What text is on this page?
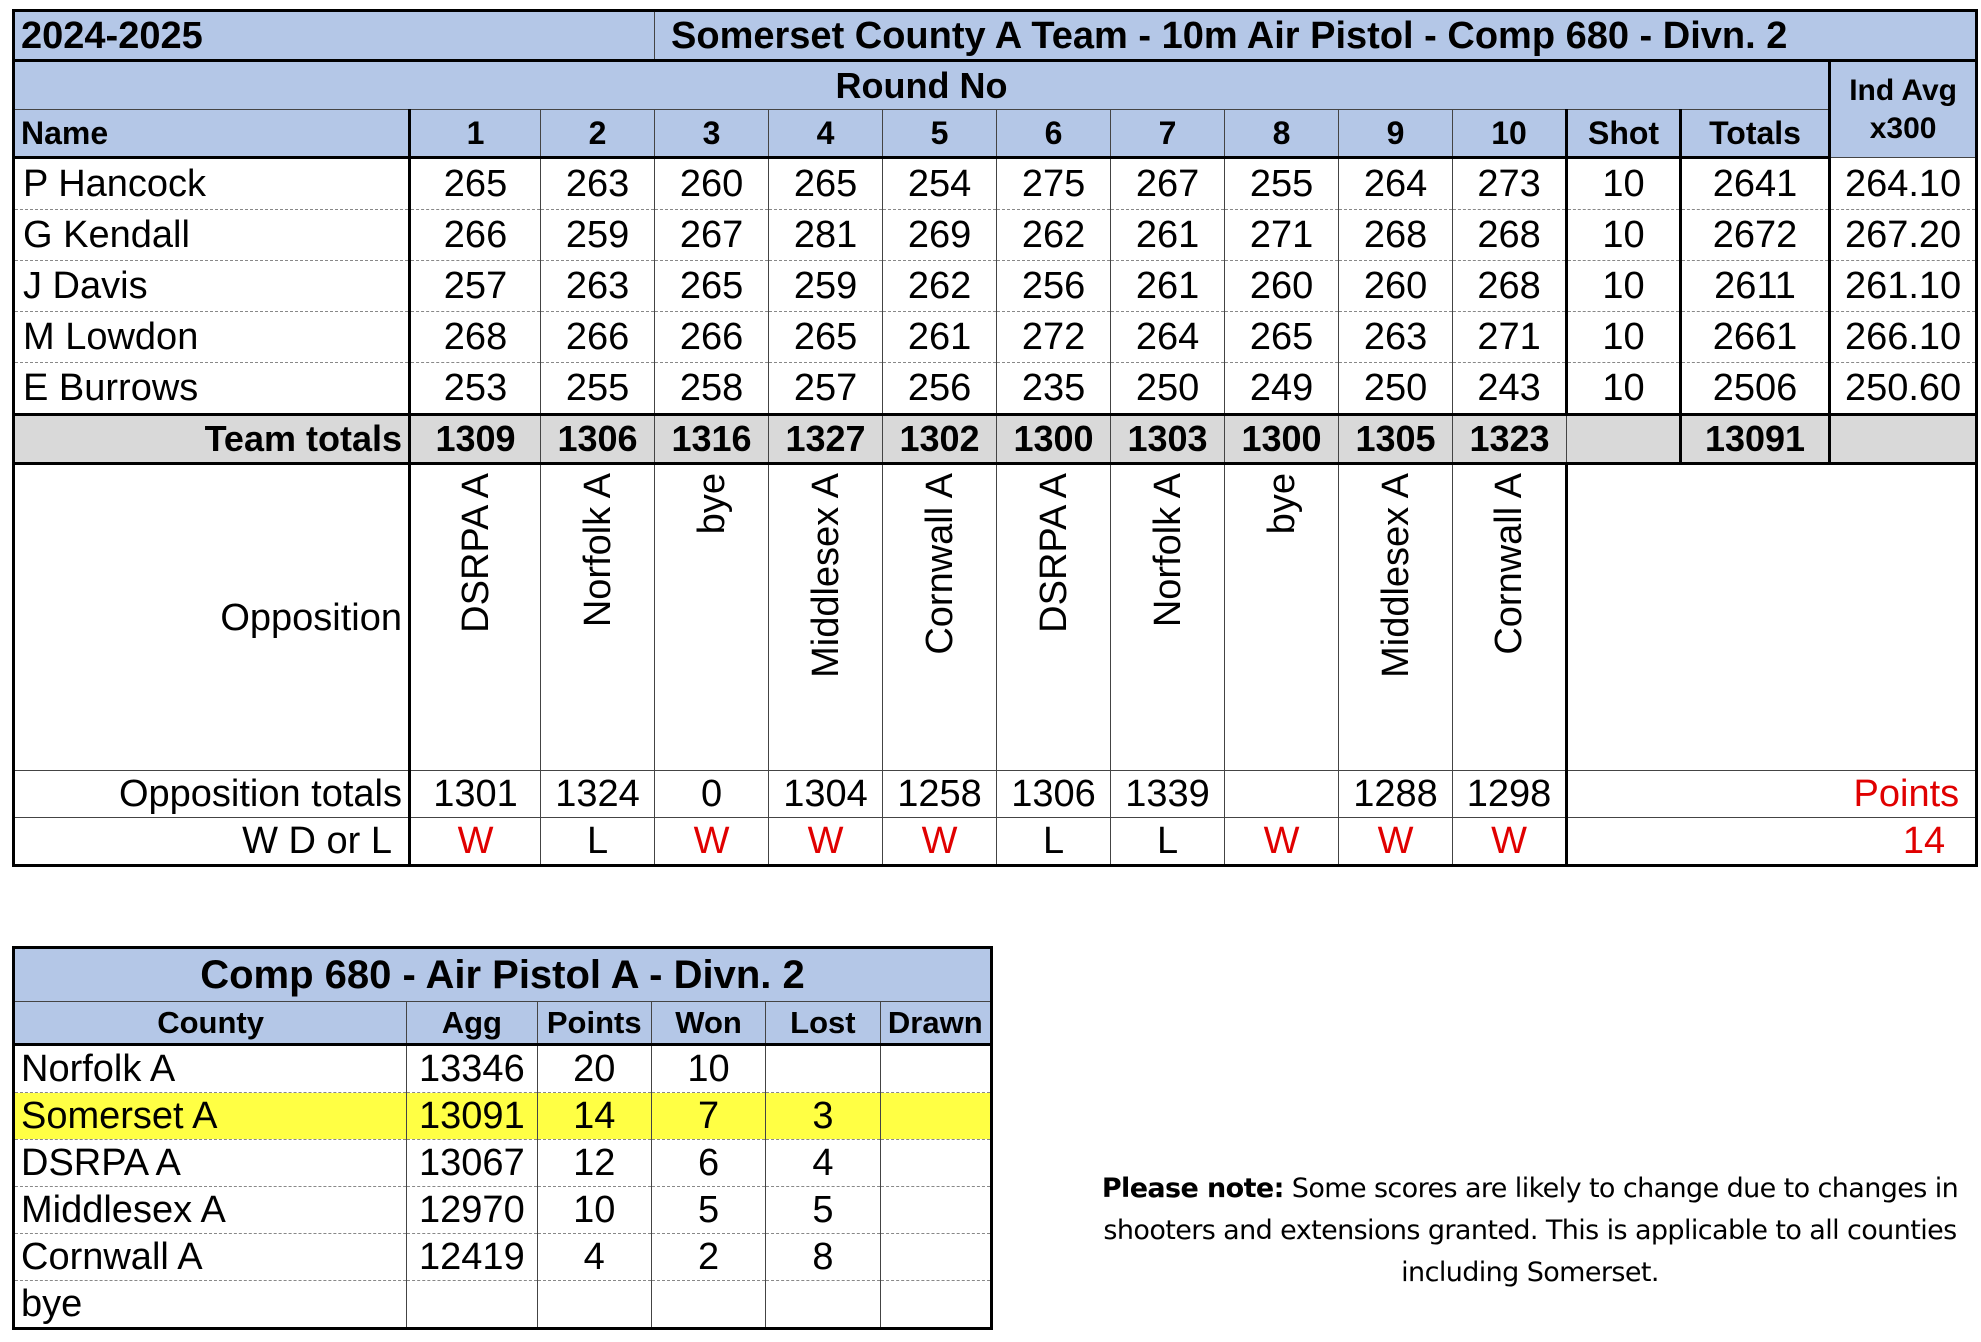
2024-2025			Somerset County A Team - 10m Air Pistol - Comp 680 - Divn. 2										
Round No													Ind Avg
x300
Name	1	2	3	4	5	6	7	8	9	10	Shot	Totals	
P Hancock	265	263	260	265	254	275	267	255	264	273	10	2641	264.10
G Kendall	266	259	267	281	269	262	261	271	268	268	10	2672	267.20
J Davis	257	263	265	259	262	256	261	260	260	268	10	2611	261.10
M Lowdon	268	266	266	265	261	272	264	265	263	271	10	2661	266.10
E Burrows	253	255	258	257	256	235	250	249	250	243	10	2506	250.60
Team totals	1309	1306	1316	1327	1302	1300	1303	1300	1305	1323		13091	
Opposition	DSRPA A	Norfolk A	bye	Middlesex A	Cornwall A	DSRPA A	Norfolk A	bye	Middlesex A	Cornwall A			

Opposition totals	1301	1324	0	1304	1258	1306	1339		1288	1298	Points		
W D or L	W	L	W	W	W	L	L	W	W	W	14		
Comp 680 - Air Pistol A - Divn. 2					
County	Agg	Points	Won	Lost	Drawn
Norfolk A	13346	20	10		
Somerset A	13091	14	7	3	
DSRPA A	13067	12	6	4	
Middlesex A	12970	10	5	5	
Cornwall A	12419	4	2	8	
bye					
Please note: Some scores are likely to change due to changes in shooters and extensions granted. This is applicable to all counties including Somerset.
